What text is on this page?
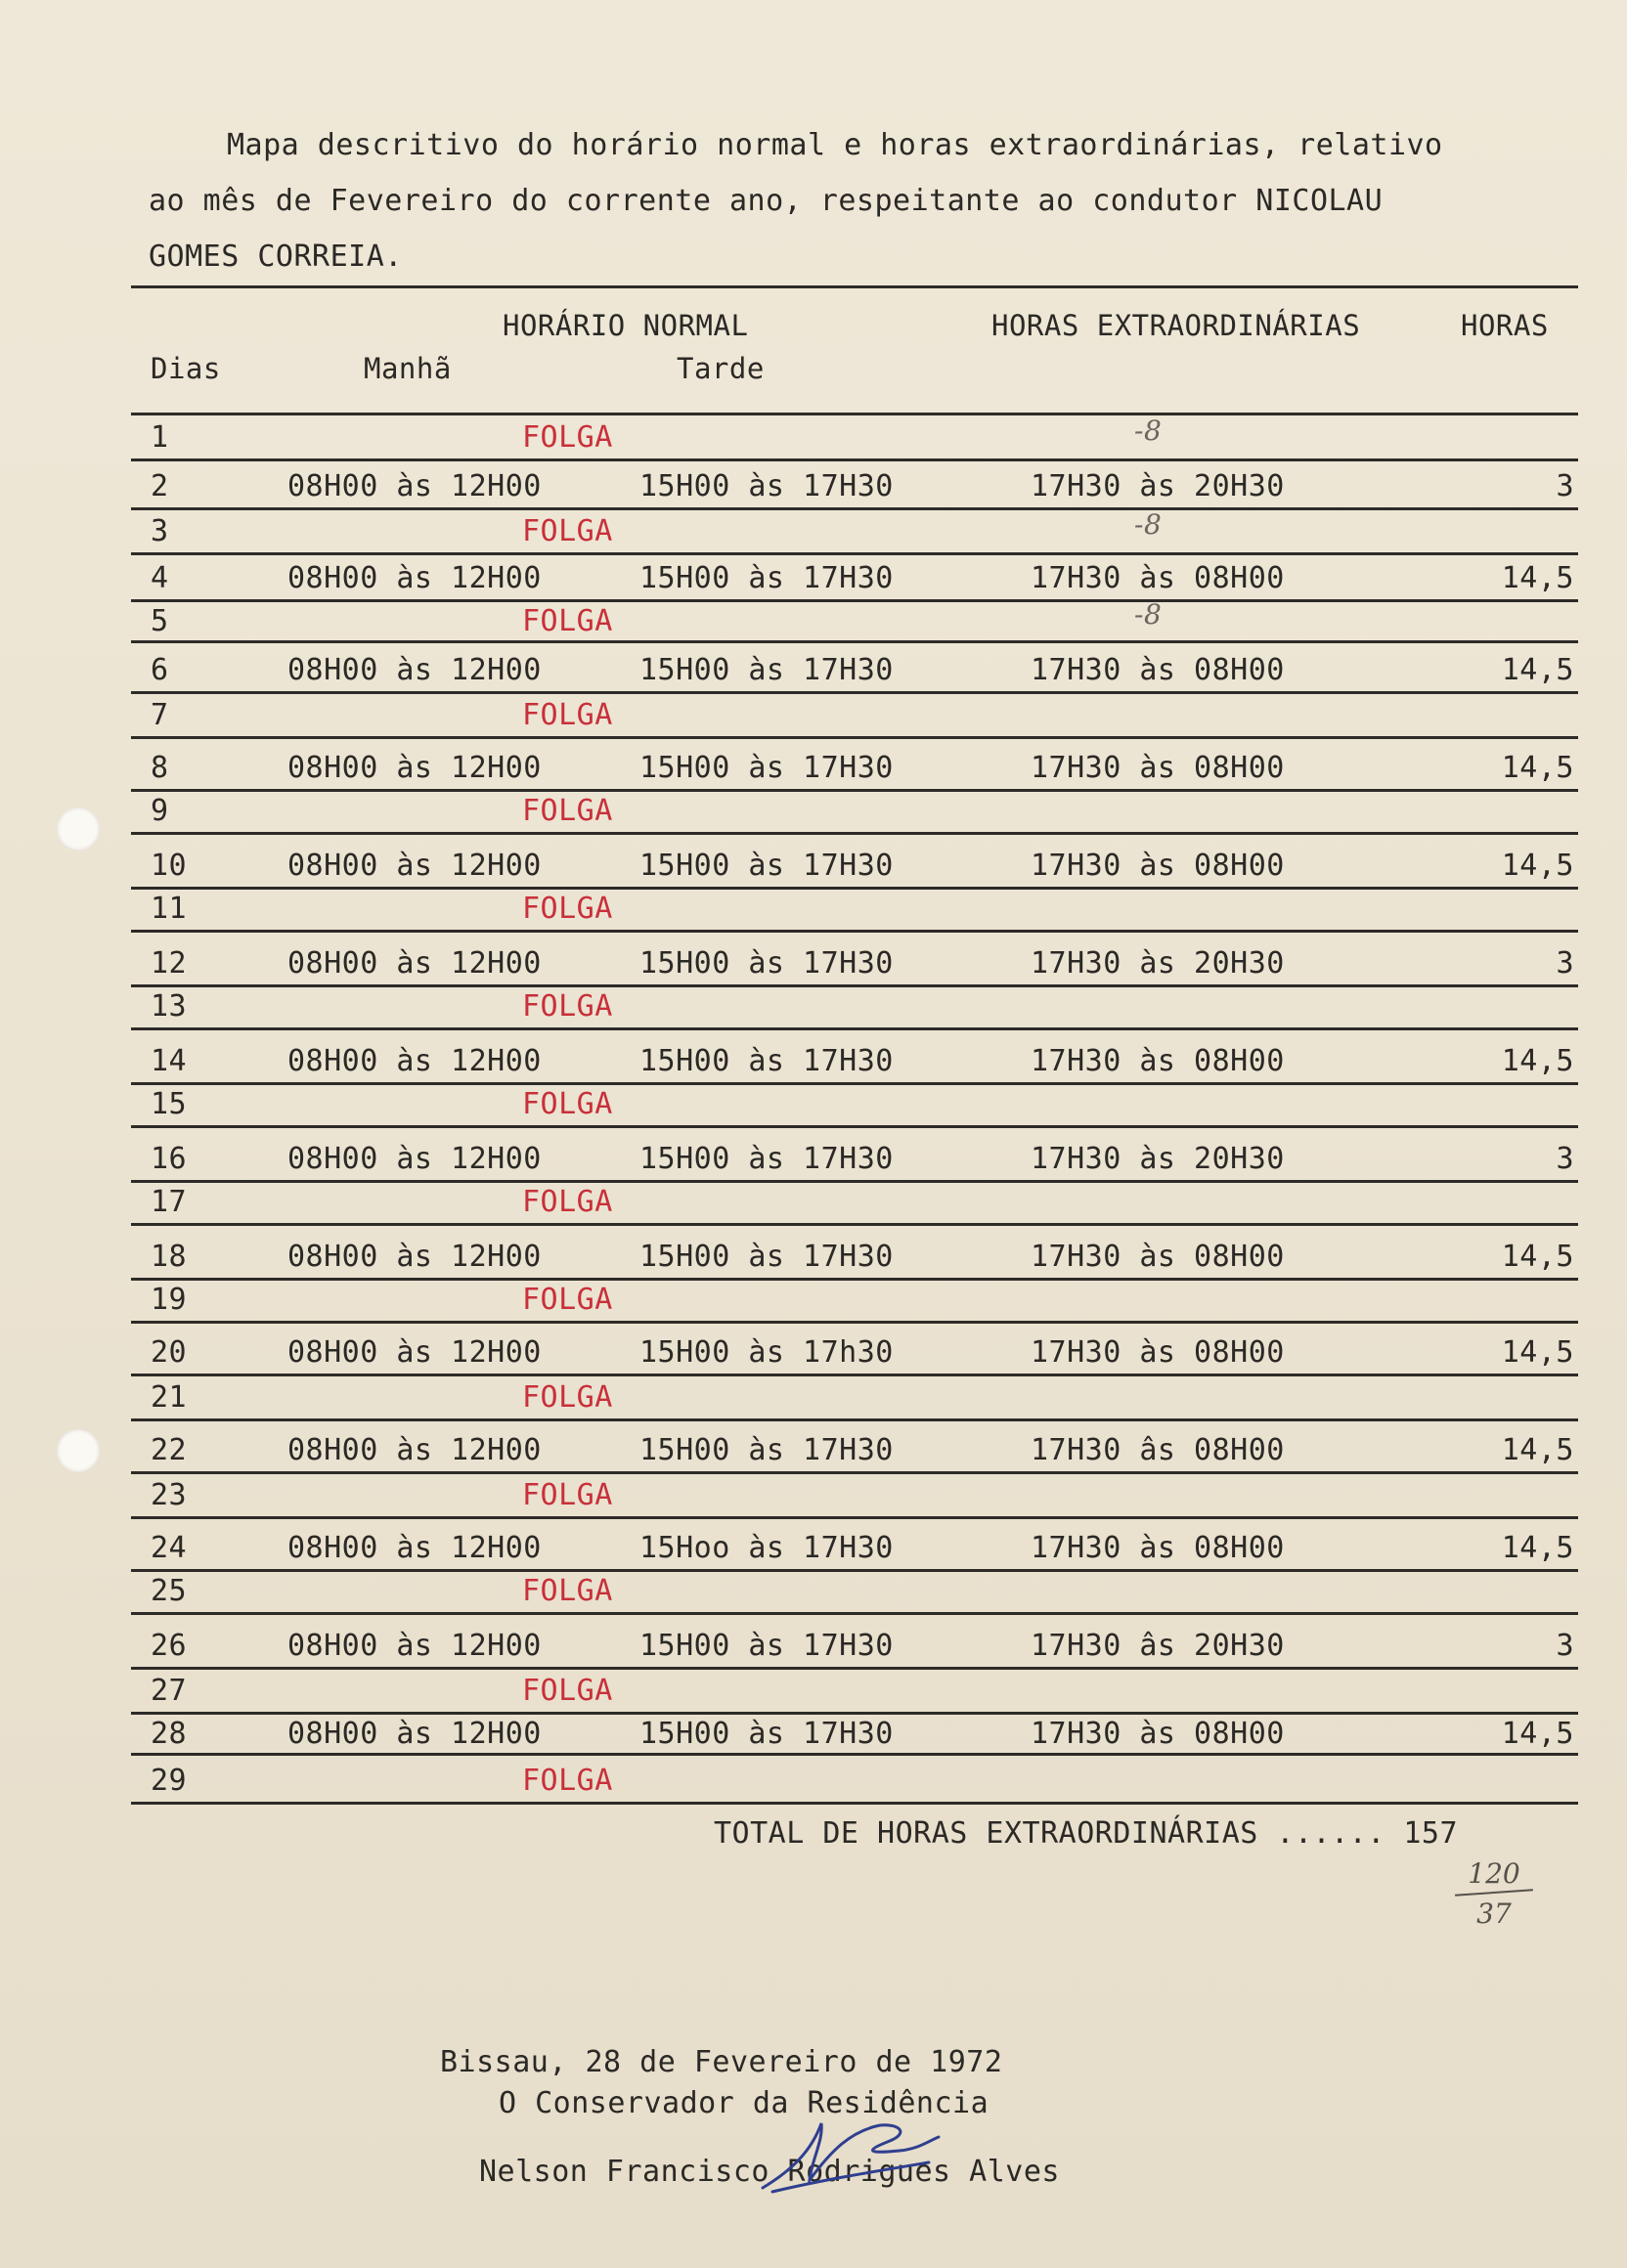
Mapa descritivo do horário normal e horas extraordinárias, relativo
ao mês de Fevereiro do corrente ano, respeitante ao condutor NICOLAU
GOMES CORREIA.
HORÁRIO NORMAL	HORAS EXTRAORDINÁRIAS	HORAS
Dias	Manhã	Tarde
1	FOLGA	-8
2	08H00 às 12H00	15H00 às 17H30	17H30 às 20H30	3
3	FOLGA	-8
4	08H00 às 12H00	15H00 às 17H30	17H30 às 08H00	14,5
5	FOLGA	-8
6	08H00 às 12H00	15H00 às 17H30	17H30 às 08H00	14,5
7	FOLGA
8	08H00 às 12H00	15H00 às 17H30	17H30 às 08H00	14,5
9	FOLGA
10	08H00 às 12H00	15H00 às 17H30	17H30 às 08H00	14,5
11	FOLGA
12	08H00 às 12H00	15H00 às 17H30	17H30 às 20H30	3
13	FOLGA
14	08H00 às 12H00	15H00 às 17H30	17H30 às 08H00	14,5
15	FOLGA
16	08H00 às 12H00	15H00 às 17H30	17H30 às 20H30	3
17	FOLGA
18	08H00 às 12H00	15H00 às 17H30	17H30 às 08H00	14,5
19	FOLGA
20	08H00 às 12H00	15H00 às 17h30	17H30 às 08H00	14,5
21	FOLGA
22	08H00 às 12H00	15H00 às 17H30	17H30 âs 08H00	14,5
23	FOLGA
24	08H00 às 12H00	15Hoo às 17H30	17H30 às 08H00	14,5
25	FOLGA
26	08H00 às 12H00	15H00 às 17H30	17H30 âs 20H30	3
27	FOLGA
28	08H00 às 12H00	15H00 às 17H30	17H30 às 08H00	14,5
29	FOLGA
TOTAL DE HORAS EXTRAORDINÁRIAS ...... 157
120
37
Bissau, 28 de Fevereiro de 1972
O Conservador da Residência
Nelson Francisco Rodrigues Alves
